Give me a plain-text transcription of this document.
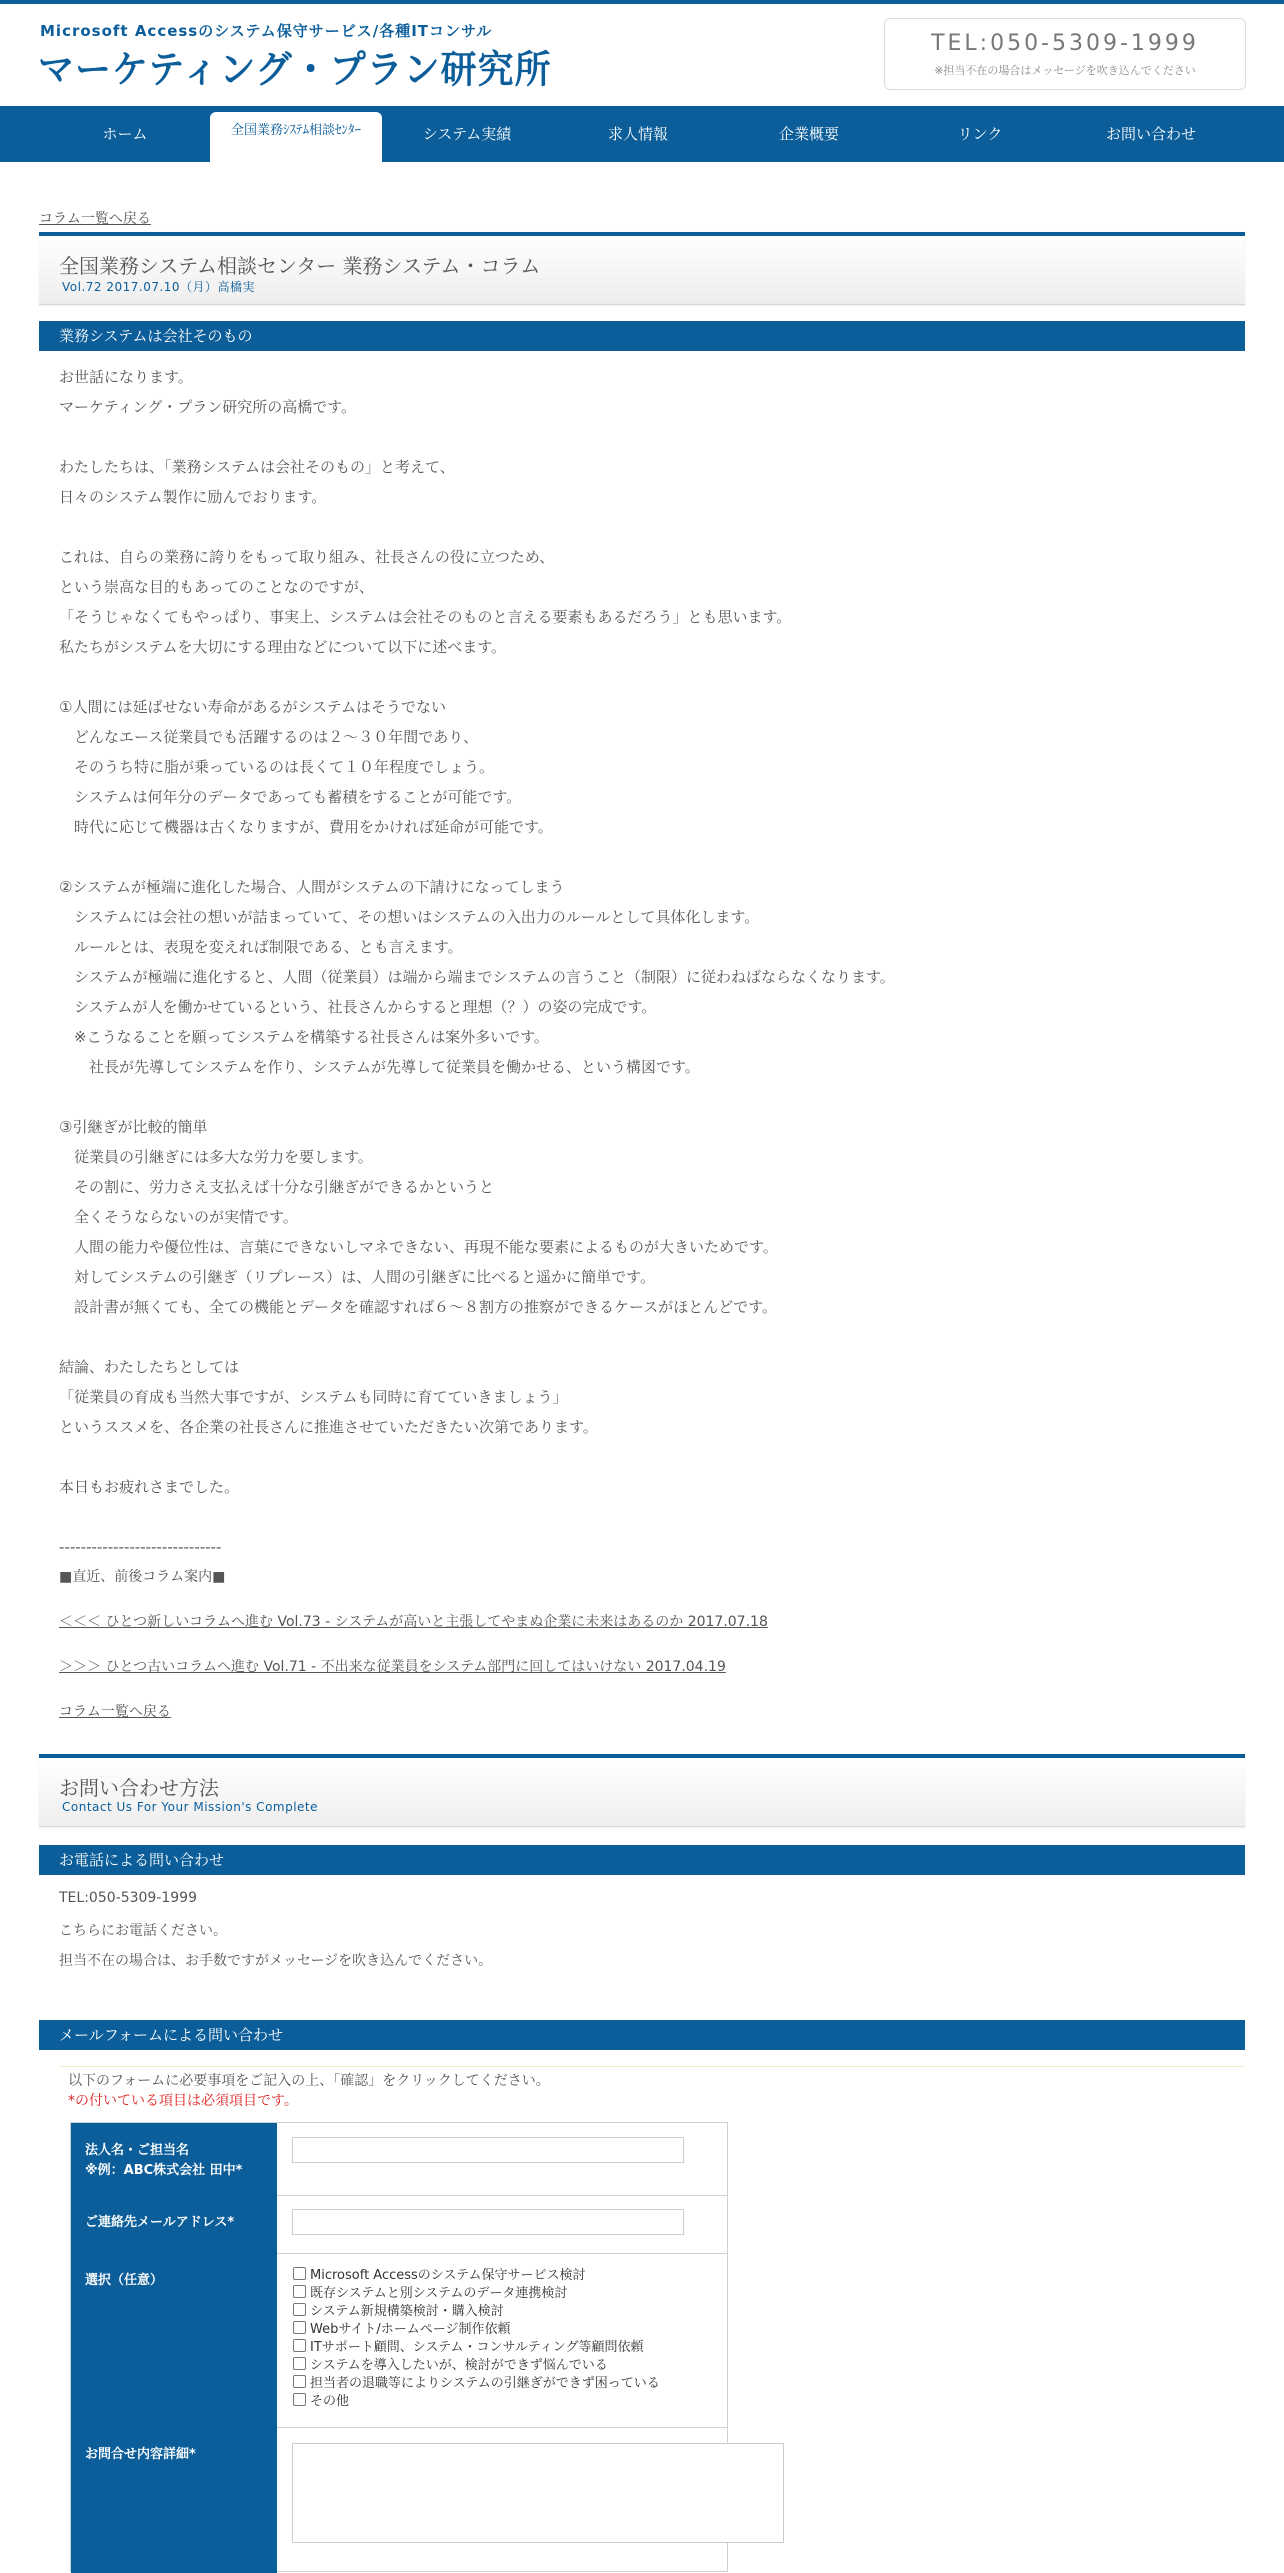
Microsoft Accessのシステム保守サービス/各種ITコンサル
マーケティング・プラン研究所
TEL:050-5309-1999
※担当不在の場合はメッセージを吹き込んでください
ホーム	全国業務ｼｽﾃﾑ相談ｾﾝﾀｰ	システム実績	求人情報	企業概要	リンク	お問い合わせ
コラム一覧へ戻る
全国業務システム相談センター 業務システム・コラム
Vol.72 2017.07.10（月）高橋実
業務システムは会社そのもの
お世話になります。
マーケティング・プラン研究所の高橋です。
わたしたちは、「業務システムは会社そのもの」と考えて、
日々のシステム製作に励んでおります。
これは、自らの業務に誇りをもって取り組み、社長さんの役に立つため、
という崇高な目的もあってのことなのですが、
「そうじゃなくてもやっぱり、事実上、システムは会社そのものと言える要素もあるだろう」とも思います。
私たちがシステムを大切にする理由などについて以下に述べます。
①人間には延ばせない寿命があるがシステムはそうでない
　どんなエース従業員でも活躍するのは２～３０年間であり、
　そのうち特に脂が乗っているのは長くて１０年程度でしょう。
　システムは何年分のデータであっても蓄積をすることが可能です。
　時代に応じて機器は古くなりますが、費用をかければ延命が可能です。
②システムが極端に進化した場合、人間がシステムの下請けになってしまう
　システムには会社の想いが詰まっていて、その想いはシステムの入出力のルールとして具体化します。
　ルールとは、表現を変えれば制限である、とも言えます。
　システムが極端に進化すると、人間（従業員）は端から端までシステムの言うこと（制限）に従わねばならなくなります。
　システムが人を働かせているという、社長さんからすると理想（？）の姿の完成です。
　※こうなることを願ってシステムを構築する社長さんは案外多いです。
　　社長が先導してシステムを作り、システムが先導して従業員を働かせる、という構図です。
③引継ぎが比較的簡単
　従業員の引継ぎには多大な労力を要します。
　その割に、労力さえ支払えば十分な引継ぎができるかというと
　全くそうならないのが実情です。
　人間の能力や優位性は、言葉にできないしマネできない、再現不能な要素によるものが大きいためです。
　対してシステムの引継ぎ（リプレース）は、人間の引継ぎに比べると遥かに簡単です。
　設計書が無くても、全ての機能とデータを確認すれば６～８割方の推察ができるケースがほとんどです。
結論、わたしたちとしては
「従業員の育成も当然大事ですが、システムも同時に育てていきましょう」
というススメを、各企業の社長さんに推進させていただきたい次第であります。
本日もお疲れさまでした。
------------------------------
■直近、前後コラム案内■
＜＜＜ ひとつ新しいコラムへ進む Vol.73 - システムが高いと主張してやまぬ企業に未来はあるのか 2017.07.18
＞＞＞ ひとつ古いコラムへ進む Vol.71 - 不出来な従業員をシステム部門に回してはいけない 2017.04.19
コラム一覧へ戻る
お問い合わせ方法
Contact Us For Your Mission's Complete
お電話による問い合わせ
TEL:050-5309-1999
こちらにお電話ください。
担当不在の場合は、お手数ですがメッセージを吹き込んでください。
メールフォームによる問い合わせ
以下のフォームに必要事項をご記入の上、「確認」をクリックしてください。
*の付いている項目は必須項目です。
法人名・ご担当名
※例：ABC株式会社 田中*
ご連絡先メールアドレス*
選択（任意）	Microsoft Accessのシステム保守サービス検討
既存システムと別システムのデータ連携検討
システム新規構築検討・購入検討
Webサイト/ホームページ制作依頼
ITサポート顧問、システム・コンサルティング等顧問依頼
システムを導入したいが、検討ができず悩んでいる
担当者の退職等によりシステムの引継ぎができず困っている
その他
お問合せ内容詳細*
